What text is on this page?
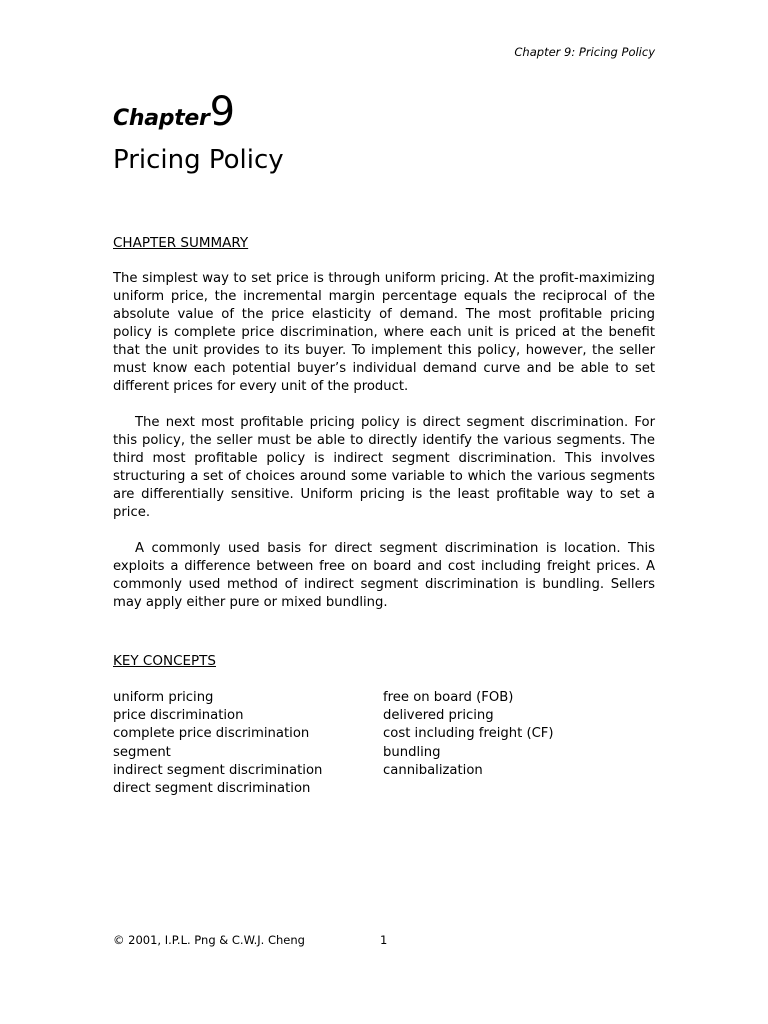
Chapter 9: Pricing Policy
Chapter9
Pricing Policy
CHAPTER SUMMARY

The simplest way to set price is through uniform pricing. At the profit-maximizing uniform price, the incremental margin percentage equals the reciprocal of the absolute value of the price elasticity of demand. The most profitable pricing policy is complete price discrimination, where each unit is priced at the benefit that the unit provides to its buyer. To implement this policy, however, the seller must know each potential buyer’s individual demand curve and be able to set different prices for every unit of the product.

The next most profitable pricing policy is direct segment discrimination. For this policy, the seller must be able to directly identify the various segments. The third most profitable policy is indirect segment discrimination. This involves structuring a set of choices around some variable to which the various segments are differentially sensitive. Uniform pricing is the least profitable way to set a price.

A commonly used basis for direct segment discrimination is location. This exploits a difference between free on board and cost including freight prices. A commonly used method of indirect segment discrimination is bundling. Sellers may apply either pure or mixed bundling.

KEY CONCEPTS
uniform pricing
price discrimination
complete price discrimination
segment
indirect segment discrimination
direct segment discrimination
free on board (FOB)
delivered pricing
cost including freight (CF)
bundling
cannibalization
© 2001, I.P.L. Png & C.W.J. Cheng	1
